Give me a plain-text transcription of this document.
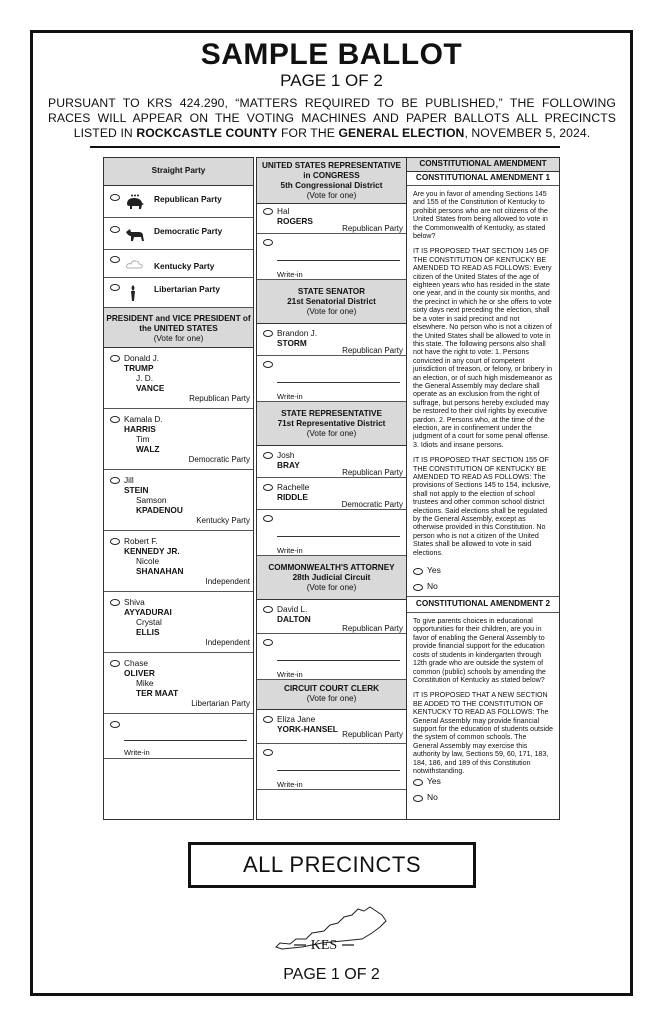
SAMPLE BALLOT
PAGE 1 OF 2
PURSUANT TO KRS 424.290, “MATTERS REQUIRED TO BE PUBLISHED,” THE FOLLOWING RACES WILL APPEAR ON THE VOTING MACHINES AND PAPER BALLOTS ALL PRECINCTS LISTED IN ROCKCASTLE COUNTY FOR THE GENERAL ELECTION, NOVEMBER 5, 2024.
Straight Party
Republican Party
Democratic Party
Kentucky Party
Libertarian Party
PRESIDENT and VICE PRESIDENT of the UNITED STATES
(Vote for one)
Donald J.
TRUMP
J. D.
VANCE
Republican Party
Kamala D.
HARRIS
Tim
WALZ
Democratic Party
Jill
STEIN
Samson
KPADENOU
Kentucky Party
Robert F.
KENNEDY JR.
Nicole
SHANAHAN
Independent
Shiva
AYYADURAI
Crystal
ELLIS
Independent
Chase
OLIVER
Mike
TER MAAT
Libertarian Party
Write-in
UNITED STATES REPRESENTATIVE in CONGRESS
5th Congressional District
(Vote for one)
Hal
ROGERS
Republican Party
Write-in
STATE SENATOR
21st Senatorial District
(Vote for one)
Brandon J.
STORM
Republican Party
Write-in
STATE REPRESENTATIVE
71st Representative District
(Vote for one)
Josh
BRAY
Republican Party
Rachelle
RIDDLE
Democratic Party
Write-in
COMMONWEALTH'S ATTORNEY
28th Judicial Circuit
(Vote for one)
David L.
DALTON
Republican Party
Write-in
CIRCUIT COURT CLERK
(Vote for one)
Eliza Jane
YORK-HANSEL
Republican Party
Write-in
CONSTITUTIONAL AMENDMENT
CONSTITUTIONAL AMENDMENT 1

Are you in favor of amending Sections 145 and 155 of the Constitution of Kentucky to prohibit persons who are not citizens of the United States from being allowed to vote in the Commonwealth of Kentucky, as stated below?

IT IS PROPOSED THAT SECTION 145 OF THE CONSTITUTION OF KENTUCKY BE AMENDED TO READ AS FOLLOWS: Every citizen of the United States of the age of eighteen years who has resided in the state one year, and in the county six months, and the precinct in which he or she offers to vote sixty days next preceding the election, shall be a voter in said precinct and not elsewhere. No person who is not a citizen of the United States shall be allowed to vote in this state. The following persons also shall not have the right to vote: 1. Persons convicted in any court of competent jurisdiction of treason, or felony, or bribery in an election, or of such high misdemeanor as the General Assembly may declare shall operate as an exclusion from the right of suffrage, but persons hereby excluded may be restored to their civil rights by executive pardon. 2. Persons who, at the time of the election, are in confinement under the judgment of a court for some penal offense. 3. Idiots and insane persons.

IT IS PROPOSED THAT SECTION 155 OF THE CONSTITUTION OF KENTUCKY BE AMENDED TO READ AS FOLLOWS: The provisions of Sections 145 to 154, inclusive, shall not apply to the election of school trustees and other common school district elections. Said elections shall be regulated by the General Assembly, except as otherwise provided in this Constitution. No person who is not a citizen of the United States shall be allowed to vote in said elections.

Yes
No
CONSTITUTIONAL AMENDMENT 2

To give parents choices in educational opportunities for their children, are you in favor of enabling the General Assembly to provide financial support for the education costs of students in kindergarten through 12th grade who are outside the system of common (public) schools by amending the Constitution of Kentucky as stated below?

IT IS PROPOSED THAT A NEW SECTION BE ADDED TO THE CONSTITUTION OF KENTUCKY TO READ AS FOLLOWS: The General Assembly may provide financial support for the education of students outside the system of common schools. The General Assembly may exercise this authority by law, Sections 59, 60, 171, 183, 184, 186, and 189 of this Constitution notwithstanding.

Yes
No
ALL PRECINCTS
KES
PAGE 1 OF 2
